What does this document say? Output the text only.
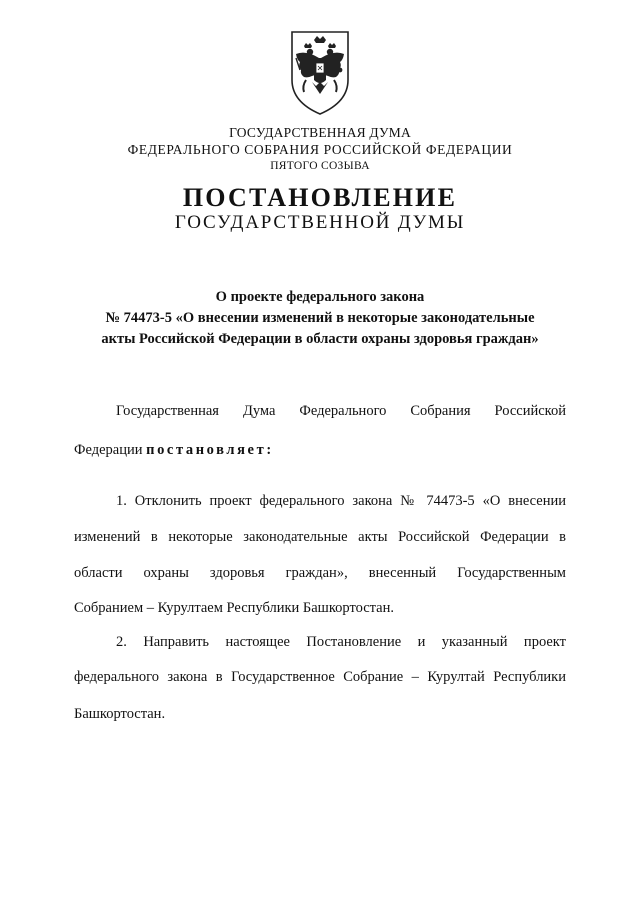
ГОСУДАРСТВЕННАЯ ДУМА
ФЕДЕРАЛЬНОГО СОБРАНИЯ РОССИЙСКОЙ ФЕДЕРАЦИИ
ПЯТОГО СОЗЫВА
ПОСТАНОВЛЕНИЕ
ГОСУДАРСТВЕННОЙ ДУМЫ
О проекте федерального закона
№ 74473-5 «О внесении изменений в некоторые законодательные
акты Российской Федерации в области охраны здоровья граждан»
Государственная Дума Федерального Собрания Российской
Федерации постановляет:
1. Отклонить проект федерального закона № 74473-5 «О внесении
изменений в некоторые законодательные акты Российской Федерации в
области охраны здоровья граждан», внесенный Государственным
Собранием – Курултаем Республики Башкортостан.
2. Направить настоящее Постановление и указанный проект
федерального закона в Государственное Собрание – Курултай Республики
Башкортостан.
